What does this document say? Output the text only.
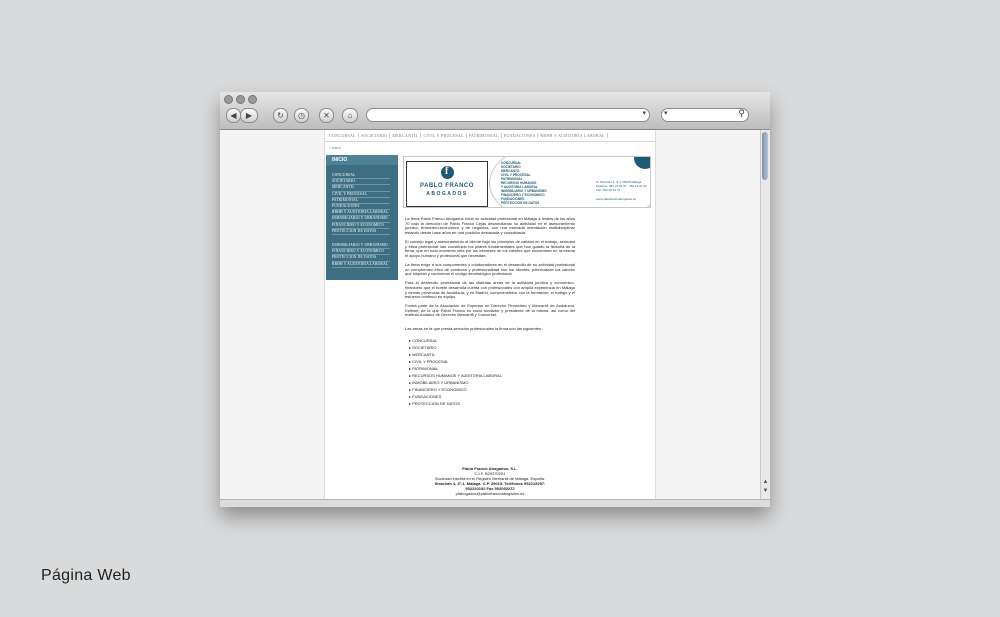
◀ ▶	↻ ◷ ✕ ⌂	▾	▾	⚲
CONCURSAL	SOCIETARIO	MERCANTIL	CIVIL Y PROCESAL	PATRIMONIAL	FUNDACIONES	RRHH Y AUDITORÍA LABORAL
› Inicio
INICIO
CONCURSAL
SOCIETARIO
MERCANTIL
CIVIL Y PROCESAL
PATRIMONIAL
FUNDACIONES
RRHH Y AUDITORÍA LABORAL
INMOBILIARIO Y URBANISMO
FINANCIERO Y ECONOMICO
PROTECCIÓN DE DATOS
INMOBILIARIO Y URBANISMO
FINANCIERO Y ECONOMICO
PROTECCIÓN DE DATOS
RRHH Y AUDITORÍA LABORAL
f
PABLO FRANCO
ABOGADOS
CONCURSAL
SOCIETARIO
MERCANTIL
CIVIL Y PROCESAL
PATRIMONIAL
RECURSOS HUMANOS
Y AUDITORIA LABORAL
INMOBILIARIO Y URBANISMO
FINANCIERO Y ECONOMICO
FUNDACIONES
PROTECCION DE DATOS
C/ Strachan 4, 4º-1 29015 Málaga
Teléfono: 952 21 92 97 · 952 22 01 92
Fax: 952 06 02 72
www.pablofrancoabogados.es

La firma Pablo Franco Abogados inició su actividad profesional en Málaga a finales de los años 70 bajo la dirección de Pablo Franco Cejas desarrollando su actividad en el asesoramiento jurídico, financiero-económico y de negocios, con una marcada orientación multidisciplinar estando desde hace años en una posición destacada y consolidada.

El consejo legal y asesoramiento al cliente bajo los principios de calidad en el trabajo, seriedad y ética profesional han constituido los pilares fundamentales que han guiado la filosofía de la firma, que en todo momento vela por los intereses de los clientes que encuentran en la misma el apoyo humano y profesional que necesitan.

La firma exige a sus componentes y colaboradores en el desarrollo de su actividad profesional un compromiso ético de conducta y profesionalidad con los clientes, potenciando los valores que inspiran y conforman el código deontológico profesional.

Para el desarrollo profesional de las distintas areas de la actividad jurídica y económico-financiero que el bufete desarrolla cuenta con profesionales con amplia experiencia en Málaga y demás provincias de Andalucía, y en Madrid, comprometidos con la formación, el trabajo y el esfuerzo continuo en equipo.

Forma parte de la Asociación de Expertos en Derecho Financiero y Mercantil de Andalucía, Esfimer, de la que Pablo Franco es socio fundador y presidente de la misma, así como del Instituto Andaluz de Derecho Mercantil y Concursal.

Las areas en la que presta servicios profesionales la firma son las siguientes :

▸ CONCURSAL
▸ SOCIETARIO
▸ MERCANTIL
▸ CIVIL Y PROCESAL
▸ PATRIMONIAL
▸ RECURSOS HUMANOS Y AUDITORIA LABORAL
▸ INMOBILIARIO Y URBANISMO
▸ FINANCIERO Y ECONOMICO
▸ FUNDACIONES
▸ PROTECCION DE DATOS
Pablo Franco Abogados, S.L.
C.I.F. B29370201
Sociedad inscrita en el Registro Mercantil de Málaga. España.
Strachan 4, 4º-1. Málaga. C.P. 29015. Teléfonos 952219297·
952220192 Fax 952060272
pfabogados@pablofrancoabogados.es
▲
▼
Página Web
